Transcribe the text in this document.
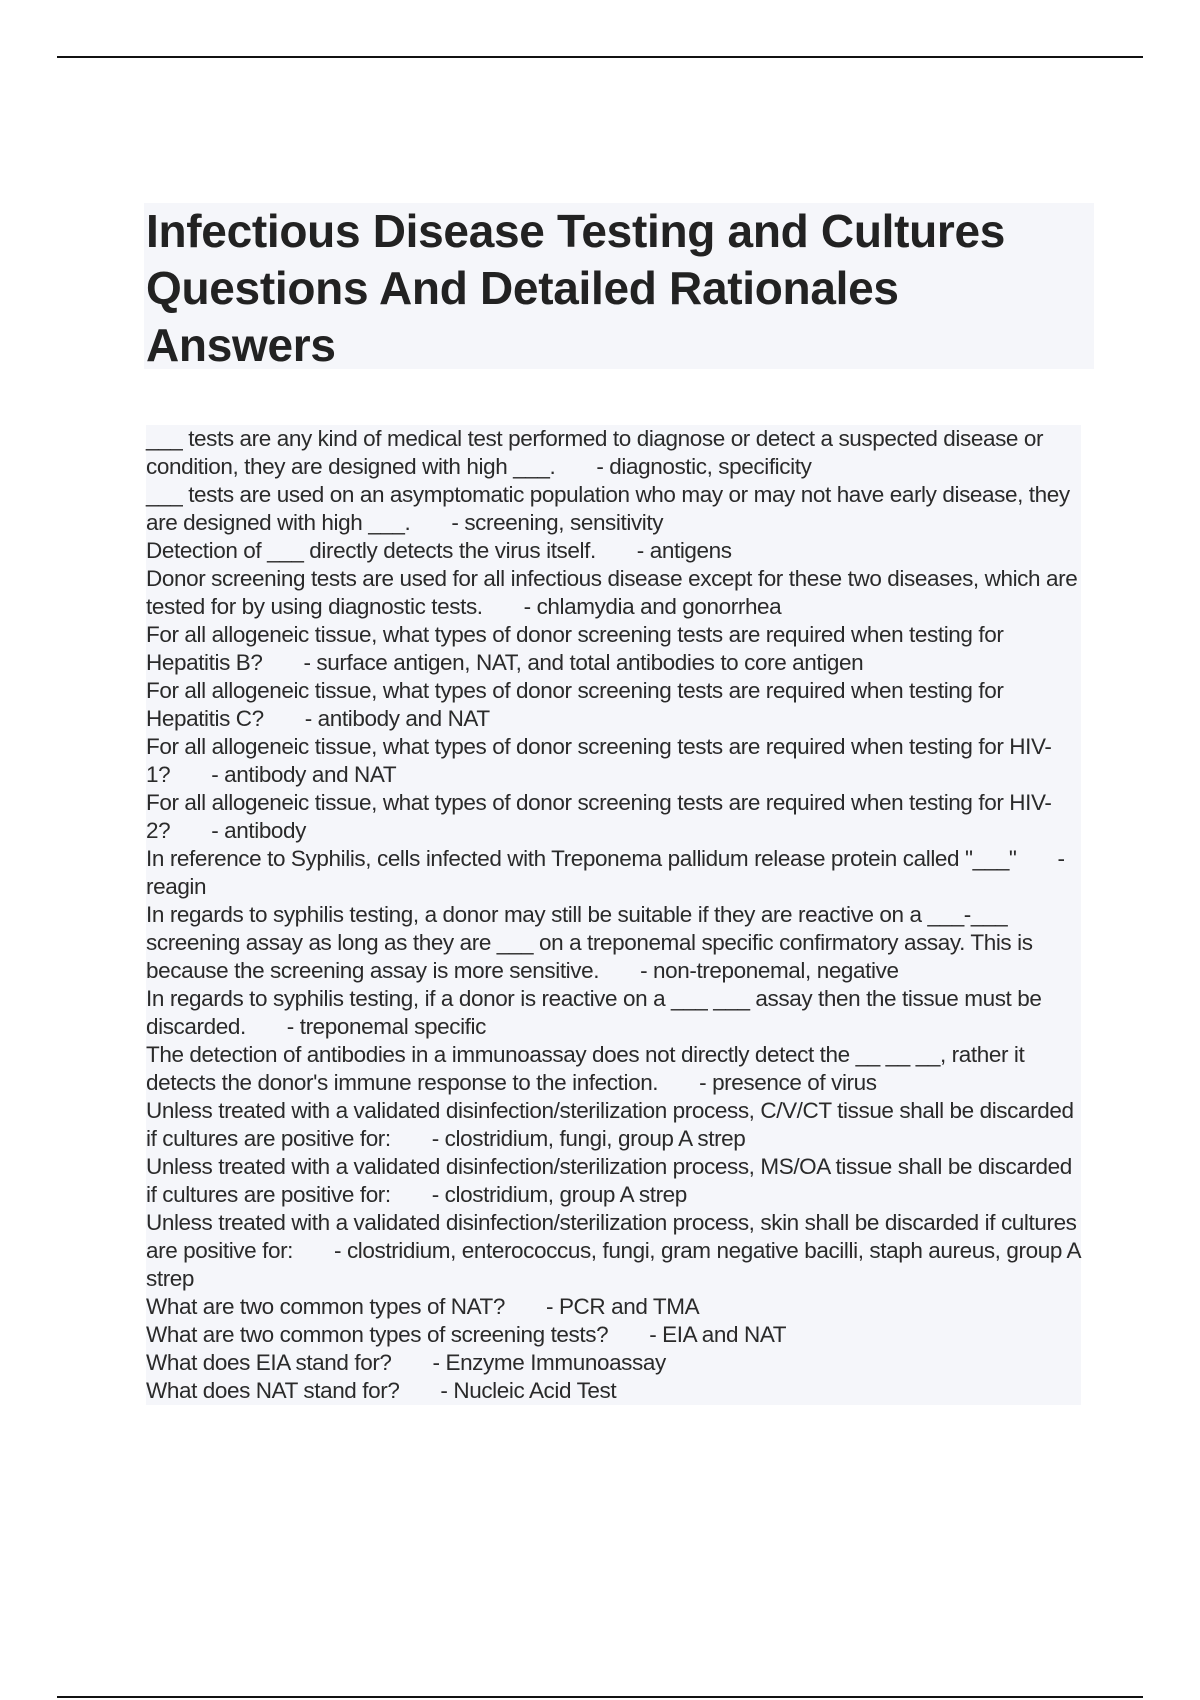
Infectious Disease Testing and Cultures Questions And Detailed Rationales Answers
___ tests are any kind of medical test performed to diagnose or detect a suspected disease or condition, they are designed with high ___. - diagnostic, specificity
___ tests are used on an asymptomatic population who may or may not have early disease, they are designed with high ___. - screening, sensitivity
Detection of ___ directly detects the virus itself. - antigens
Donor screening tests are used for all infectious disease except for these two diseases, which are tested for by using diagnostic tests. - chlamydia and gonorrhea
For all allogeneic tissue, what types of donor screening tests are required when testing for Hepatitis B? - surface antigen, NAT, and total antibodies to core antigen
For all allogeneic tissue, what types of donor screening tests are required when testing for Hepatitis C? - antibody and NAT
For all allogeneic tissue, what types of donor screening tests are required when testing for HIV-1? - antibody and NAT
For all allogeneic tissue, what types of donor screening tests are required when testing for HIV-2? - antibody
In reference to Syphilis, cells infected with Treponema pallidum release protein called "___" - reagin
In regards to syphilis testing, a donor may still be suitable if they are reactive on a ___-___ screening assay as long as they are ___ on a treponemal specific confirmatory assay. This is because the screening assay is more sensitive. - non-treponemal, negative
In regards to syphilis testing, if a donor is reactive on a ___ ___ assay then the tissue must be discarded. - treponemal specific
The detection of antibodies in a immunoassay does not directly detect the __ __ __, rather it detects the donor's immune response to the infection. - presence of virus
Unless treated with a validated disinfection/sterilization process, C/V/CT tissue shall be discarded if cultures are positive for: - clostridium, fungi, group A strep
Unless treated with a validated disinfection/sterilization process, MS/OA tissue shall be discarded if cultures are positive for: - clostridium, group A strep
Unless treated with a validated disinfection/sterilization process, skin shall be discarded if cultures are positive for: - clostridium, enterococcus, fungi, gram negative bacilli, staph aureus, group A strep
What are two common types of NAT? - PCR and TMA
What are two common types of screening tests? - EIA and NAT
What does EIA stand for? - Enzyme Immunoassay
What does NAT stand for? - Nucleic Acid Test
